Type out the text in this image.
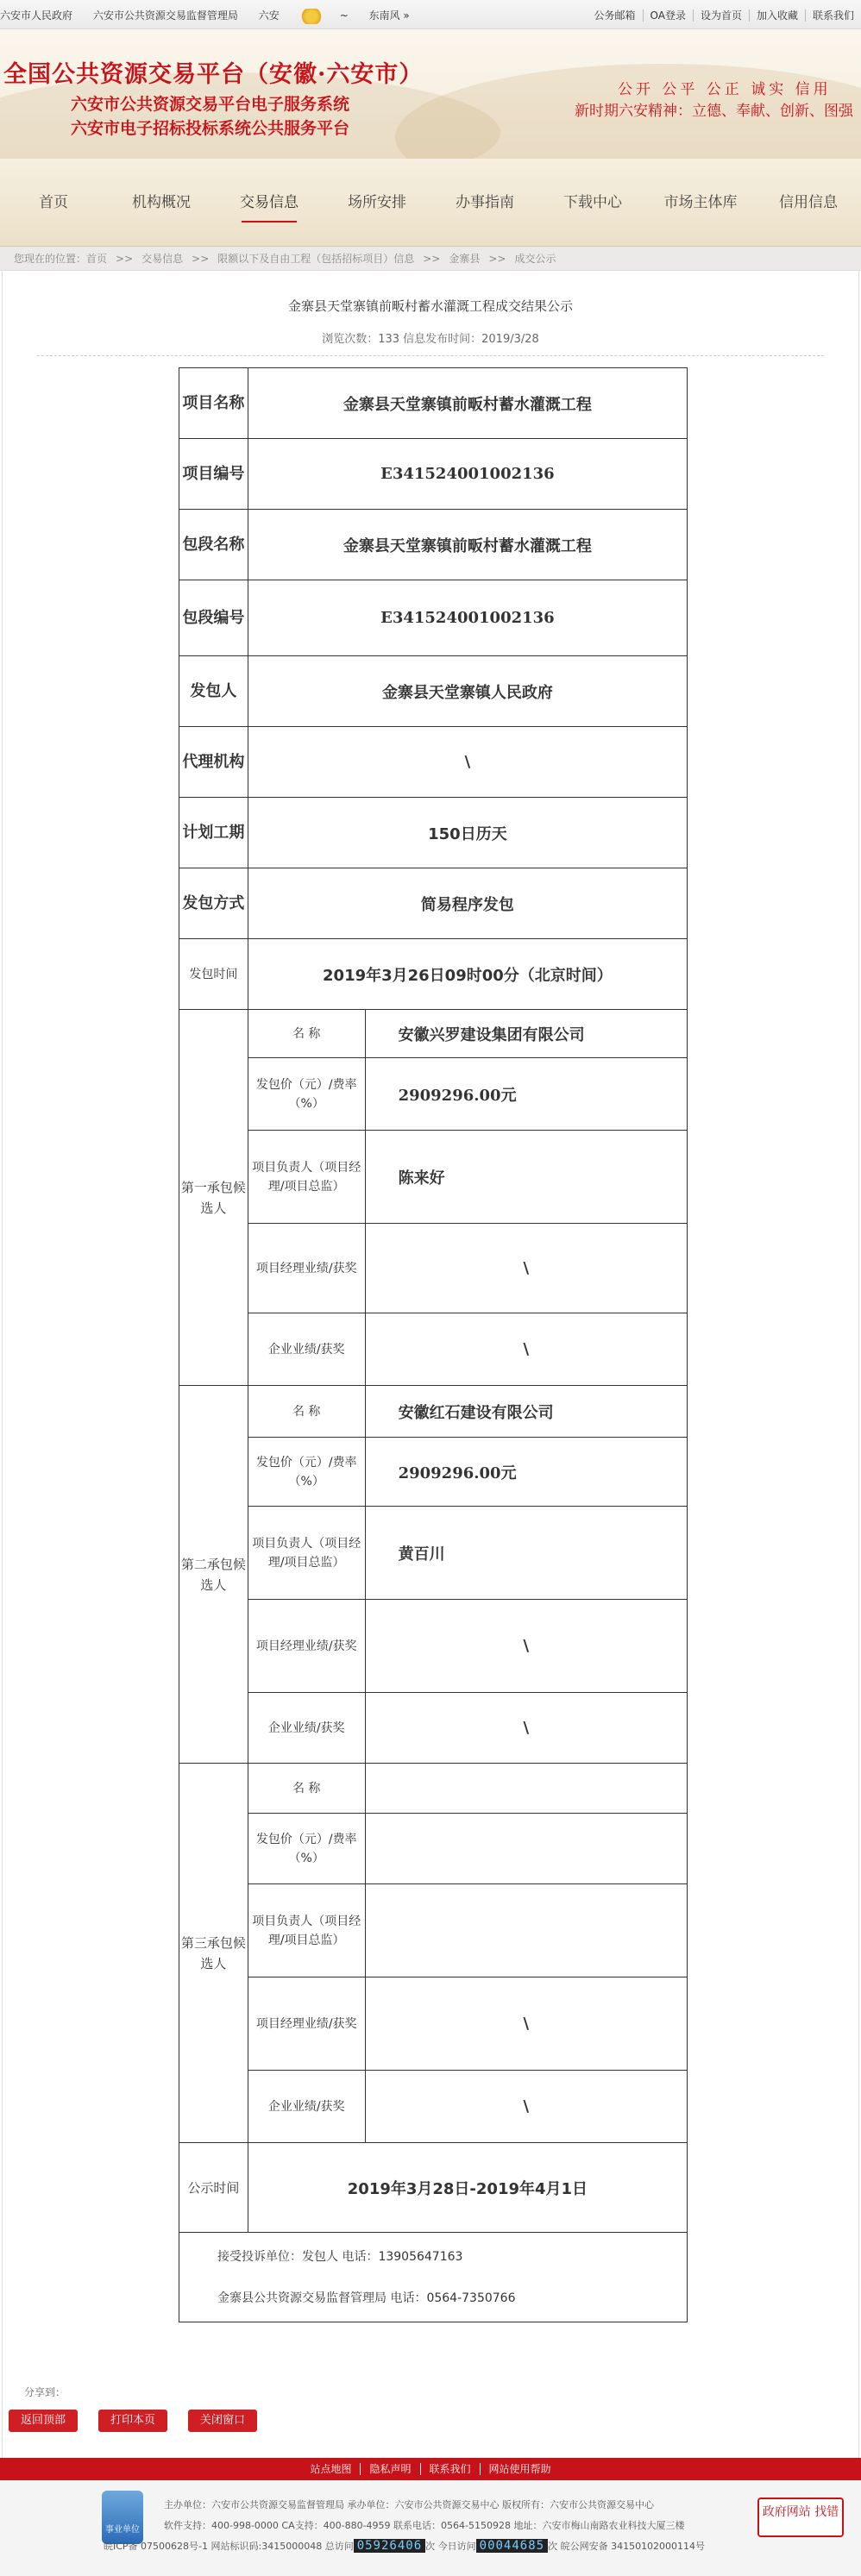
六安市人民政府 六安市公共资源交易监督管理局 六安	~ 东南风 »	公务邮箱 OA登录 设为首页 加入收藏 联系我们
全国公共资源交易平台（安徽·六安市）
六安市公共资源交易平台电子服务系统
六安市电子招标投标系统公共服务平台
公开 公平 公正 诚实 信用
新时期六安精神：立德、奉献、创新、图强
首页	机构概况	交易信息	场所安排	办事指南	下载中心	市场主体库	信用信息
您现在的位置：首页 >> 交易信息 >> 限额以下及自由工程（包括招标项目）信息 >> 金寨县 >> 成交公示
金寨县天堂寨镇前畈村蓄水灌溉工程成交结果公示
浏览次数：133 信息发布时间：2019/3/28
项目名称	金寨县天堂寨镇前畈村蓄水灌溉工程	
项目编号	E341524001002136	
包段名称	金寨县天堂寨镇前畈村蓄水灌溉工程	
包段编号	E341524001002136	
发包人	金寨县天堂寨镇人民政府	
代理机构	\	
计划工期	150日历天	
发包方式	简易程序发包	
发包时间	2019年3月26日09时00分（北京时间）	
第一承包候选人	名 称	安徽兴罗建设集团有限公司
	发包价（元）/费率（%）	2909296.00元
	项目负责人（项目经理/项目总监）	陈来好
	项目经理业绩/获奖	\
	企业业绩/获奖	\
第二承包候选人	名 称	安徽红石建设有限公司
	发包价（元）/费率（%）	2909296.00元
	项目负责人（项目经理/项目总监）	黄百川
	项目经理业绩/获奖	\
	企业业绩/获奖	\
第三承包候选人	名 称	
	发包价（元）/费率（%）	
	项目负责人（项目经理/项目总监）	
	项目经理业绩/获奖	\
	企业业绩/获奖	\
公示时间	2019年3月28日-2019年4月1日	

接受投诉单位：发包人 电话：13905647163
金寨县公共资源交易监督管理局 电话：0564-7350766		
分享到：
返回顶部	打印本页	关闭窗口
站点地图 隐私声明 联系我们 网站使用帮助
事业单位
主办单位：六安市公共资源交易监督管理局 承办单位：六安市公共资源交易中心 版权所有：六安市公共资源交易中心
软件支持：400-998-0000 CA支持：400-880-4959 联系电话：0564-5150928 地址：六安市梅山南路农业科技大厦三楼
皖ICP备 07500628号-1 网站标识码:3415000048 总访问 05926406 次 今日访问 00044685 次 皖公网安备 34150102000114号
政府网站 找错
